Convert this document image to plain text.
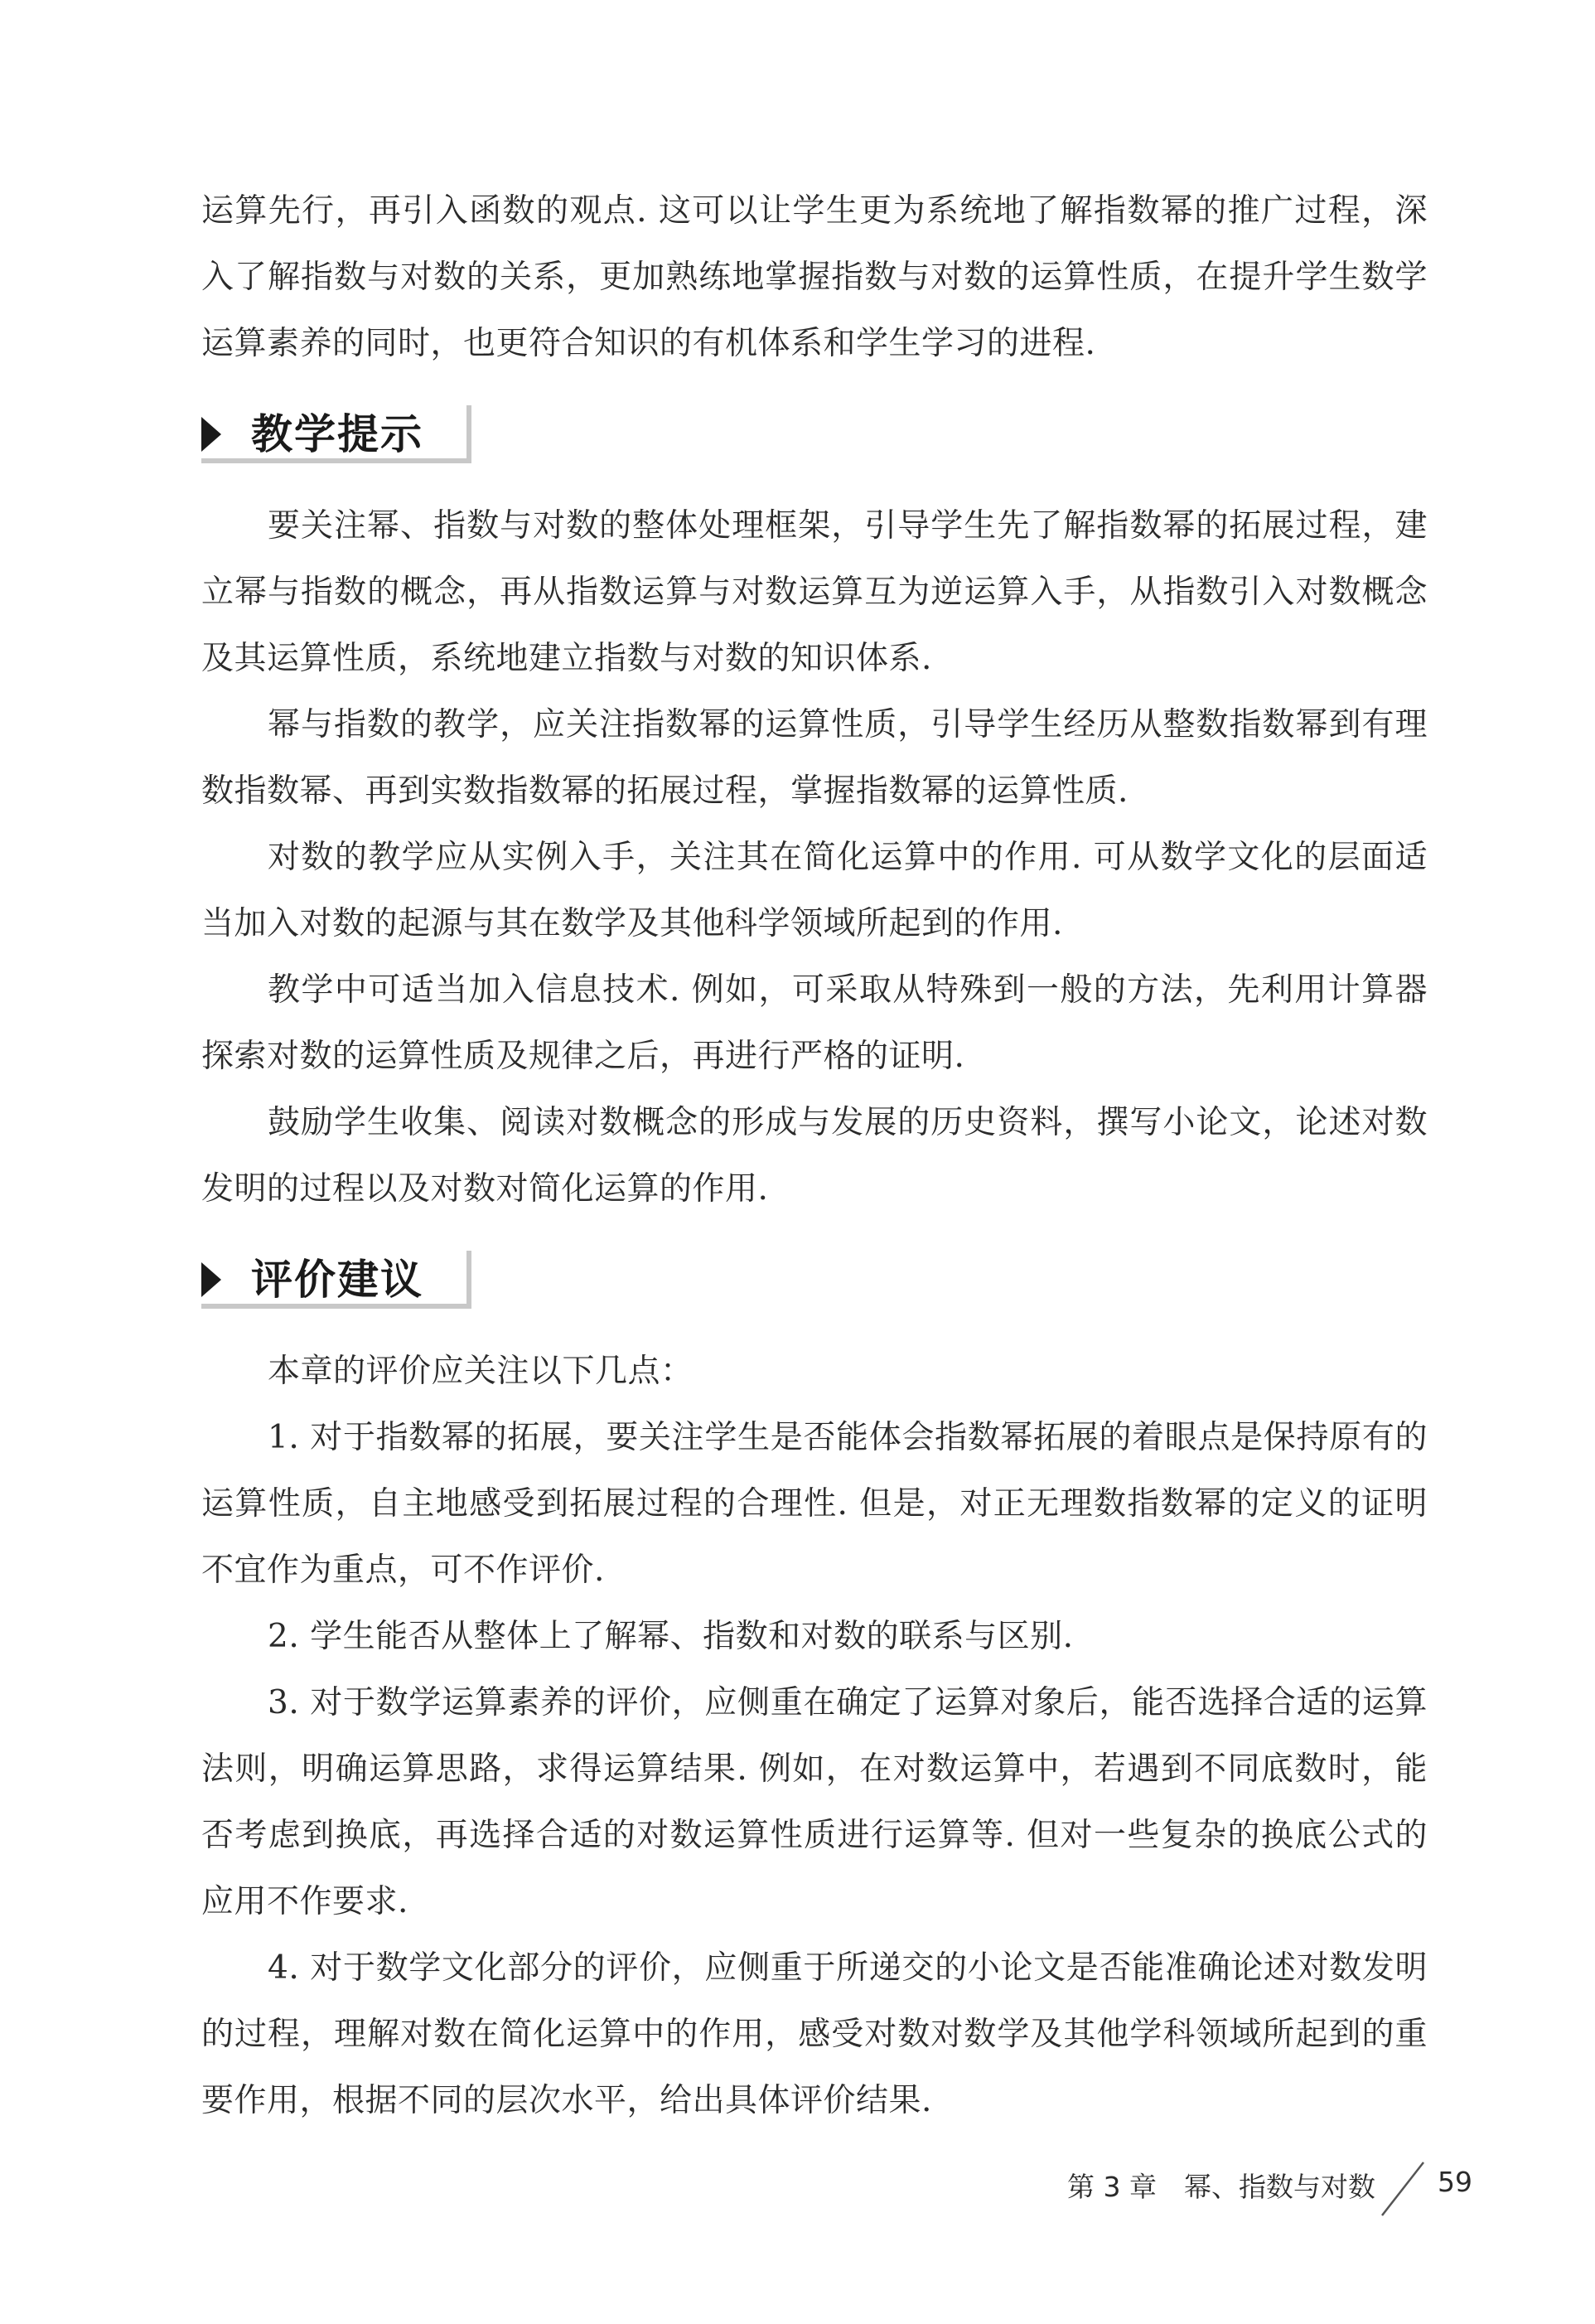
运算先行，再引入函数的观点. 这可以让学生更为系统地了解指数幂的推广过程，深入了解指数与对数的关系，更加熟练地掌握指数与对数的运算性质，在提升学生数学运算素养的同时，也更符合知识的有机体系和学生学习的进程.

教学提示

要关注幂、指数与对数的整体处理框架，引导学生先了解指数幂的拓展过程，建立幂与指数的概念，再从指数运算与对数运算互为逆运算入手，从指数引入对数概念及其运算性质，系统地建立指数与对数的知识体系.

幂与指数的教学，应关注指数幂的运算性质，引导学生经历从整数指数幂到有理数指数幂、再到实数指数幂的拓展过程，掌握指数幂的运算性质.

对数的教学应从实例入手，关注其在简化运算中的作用. 可从数学文化的层面适当加入对数的起源与其在数学及其他科学领域所起到的作用.

教学中可适当加入信息技术. 例如，可采取从特殊到一般的方法，先利用计算器探索对数的运算性质及规律之后，再进行严格的证明.

鼓励学生收集、阅读对数概念的形成与发展的历史资料，撰写小论文，论述对数发明的过程以及对数对简化运算的作用.

评价建议

本章的评价应关注以下几点：

1. 对于指数幂的拓展，要关注学生是否能体会指数幂拓展的着眼点是保持原有的运算性质，自主地感受到拓展过程的合理性. 但是，对正无理数指数幂的定义的证明不宜作为重点，可不作评价.

2. 学生能否从整体上了解幂、指数和对数的联系与区别.

3. 对于数学运算素养的评价，应侧重在确定了运算对象后，能否选择合适的运算法则，明确运算思路，求得运算结果. 例如，在对数运算中，若遇到不同底数时，能否考虑到换底，再选择合适的对数运算性质进行运算等. 但对一些复杂的换底公式的应用不作要求.

4. 对于数学文化部分的评价，应侧重于所递交的小论文是否能准确论述对数发明的过程，理解对数在简化运算中的作用，感受对数对数学及其他学科领域所起到的重要作用，根据不同的层次水平，给出具体评价结果.

第 3 章　幂、指数与对数 59
